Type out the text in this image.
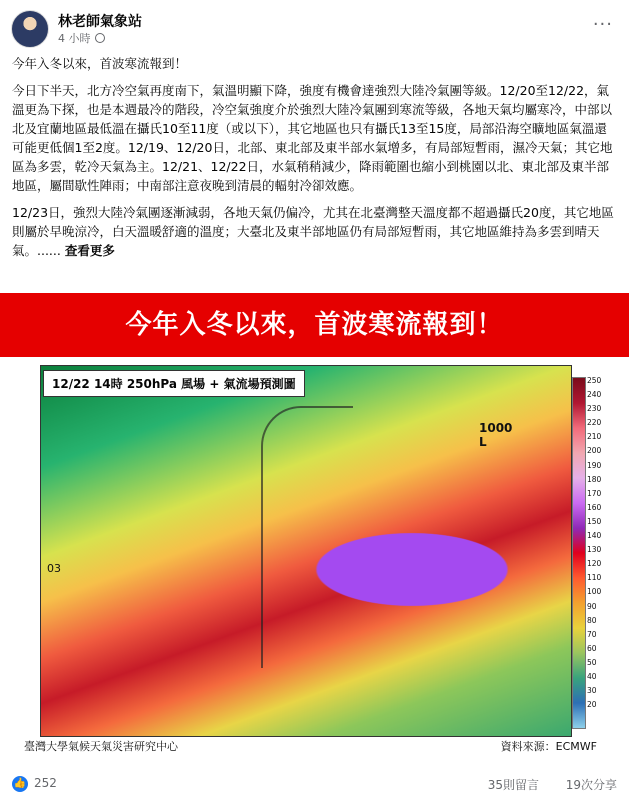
林老師氣象站
4 小時
···

今年入冬以來，首波寒流報到！

今日下半天，北方冷空氣再度南下，氣溫明顯下降，強度有機會達強烈大陸冷氣團等級。12/20至12/22，氣溫更為下探，也是本週最冷的階段，冷空氣強度介於強烈大陸冷氣團到寒流等級，各地天氣均屬寒冷，中部以北及宜蘭地區最低溫在攝氏10至11度（或以下），其它地區也只有攝氏13至15度，局部沿海空曠地區氣溫還可能更低個1至2度。12/19、12/20日，北部、東北部及東半部水氣增多，有局部短暫雨，濕冷天氣；其它地區為多雲，乾冷天氣為主。12/21、12/22日，水氣稍稍減少，降雨範圍也縮小到桃園以北、東北部及東半部地區，屬間歇性陣雨；中南部注意夜晚到清晨的輻射冷卻效應。

12/23日，強烈大陸冷氣團逐漸減弱，各地天氣仍偏冷，尤其在北臺灣整天溫度都不超過攝氏20度，其它地區則屬於早晚涼冷，白天溫暖舒適的溫度；大臺北及東半部地區仍有局部短暫雨，其它地區維持為多雲到晴天氣。...... 查看更多

今年入冬以來，首波寒流報到！
12/22 14時 250hPa 風場 + 氣流場預測圖
1000
L
03
250
240
230
220
210
200
190
180
170
160
150
140
130
120
110
100
90
80
70
60
50
40
30
20
臺灣大學氣候天氣災害研究中心	資料來源：ECMWF
👍 252	35則留言 19次分享
